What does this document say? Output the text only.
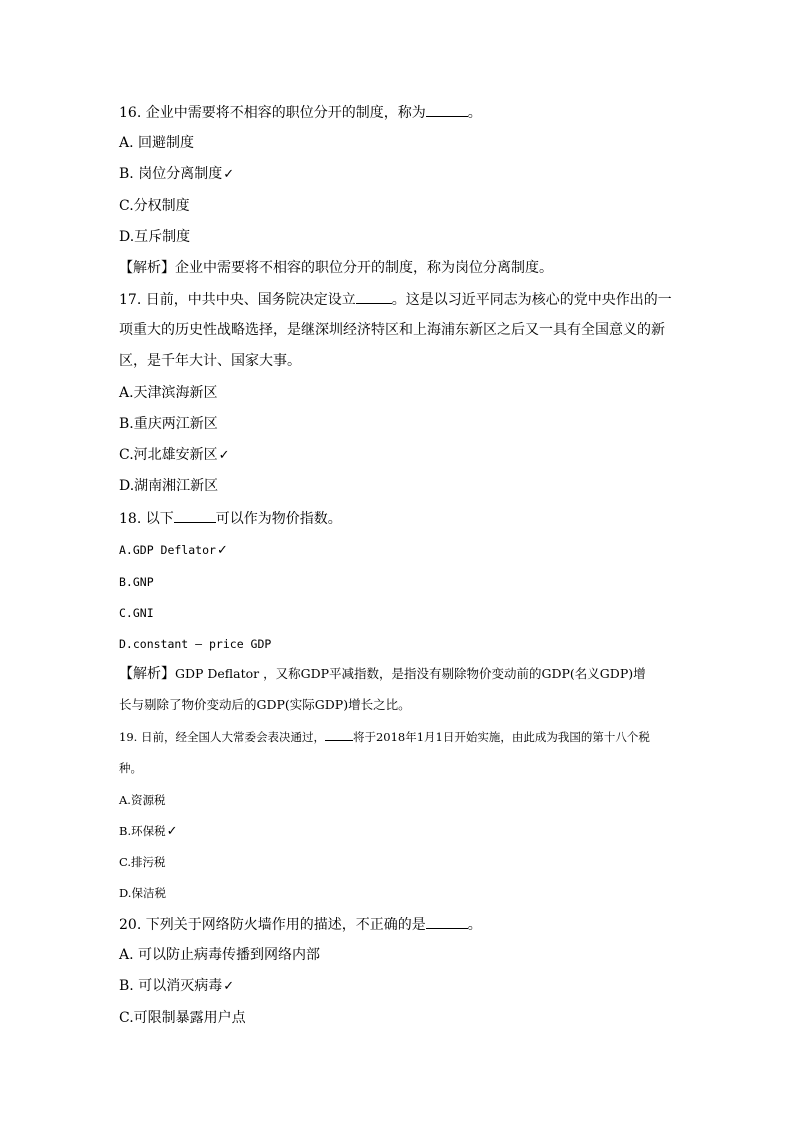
16. 企业中需要将不相容的职位分开的制度，称为	。
A. 回避制度
B. 岗位分离制度✓
C.分权制度
D.互斥制度
【解析】企业中需要将不相容的职位分开的制度，称为岗位分离制度。
17. 日前，中共中央、国务院决定设立	。这是以习近平同志为核心的党中央作出的一
项重大的历史性战略选择，是继深圳经济特区和上海浦东新区之后又一具有全国意义的新
区，是千年大计、国家大事。
A.天津滨海新区
B.重庆两江新区
C.河北雄安新区✓
D.湖南湘江新区
18. 以下	可以作为物价指数。
A.GDP Deflator✓
B.GNP
C.GNI
D.constant — price GDP
【解析】GDP Deflator ，又称GDP平减指数，是指没有剔除物价变动前的GDP(名义GDP)增
长与剔除了物价变动后的GDP(实际GDP)增长之比。
19. 日前，经全国人大常委会表决通过， 将于2018年1月1日开始实施，由此成为我国的第十八个税
种。
A.资源税
B.环保税✓
C.排污税
D.保洁税
20. 下列关于网络防火墙作用的描述，不正确的是	。
A. 可以防止病毒传播到网络内部
B. 可以消灭病毒✓
C.可限制暴露用户点
